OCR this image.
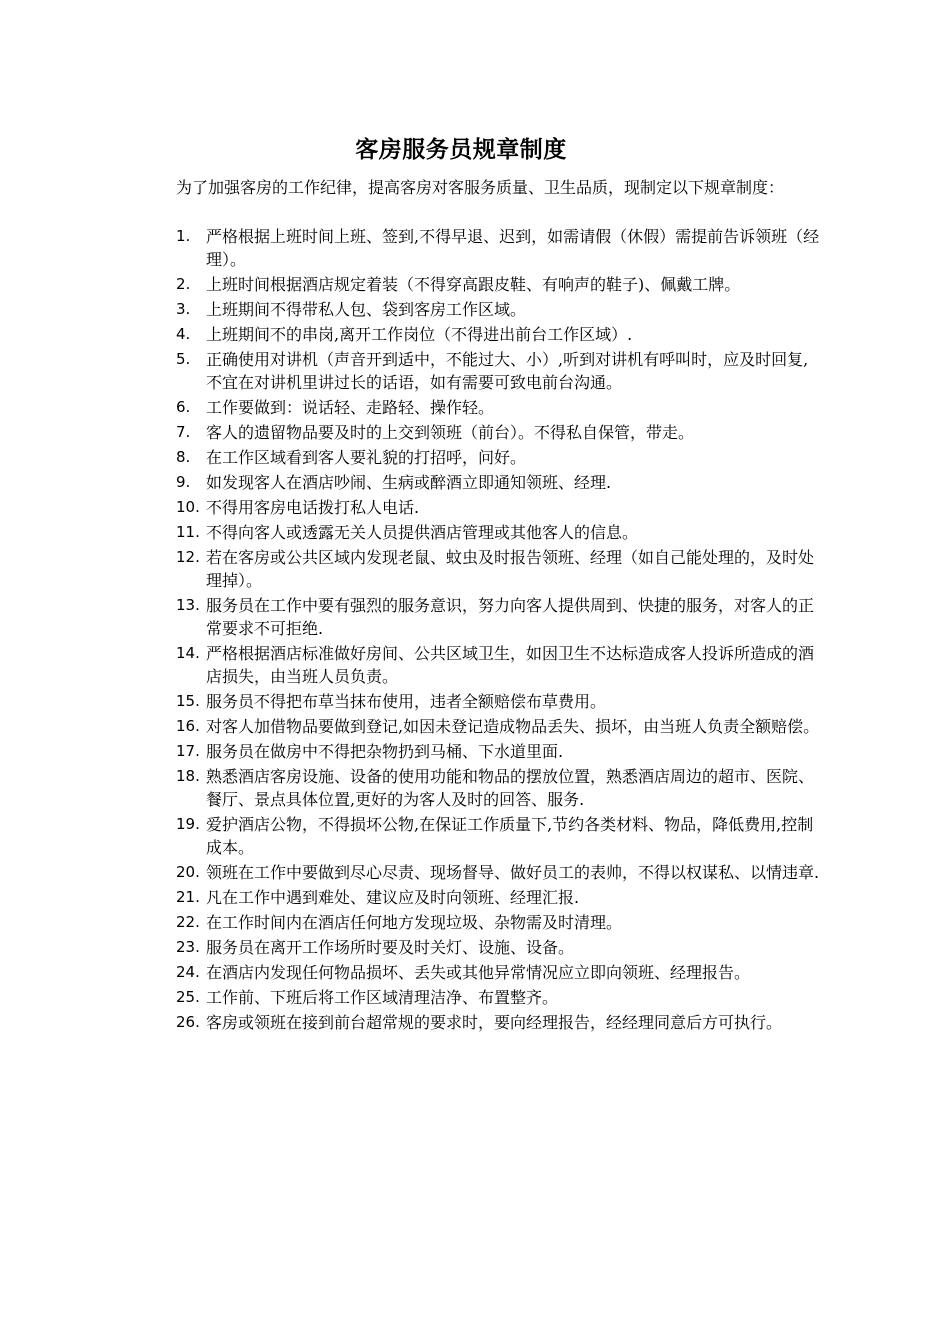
客房服务员规章制度

为了加强客房的工作纪律，提高客房对客服务质量、卫生品质，现制定以下规章制度：

1. 严格根据上班时间上班、签到,不得早退、迟到，如需请假（休假）需提前告诉领班（经理）。
2. 上班时间根据酒店规定着装（不得穿高跟皮鞋、有响声的鞋子)、佩戴工牌。
3. 上班期间不得带私人包、袋到客房工作区域。
4. 上班期间不的串岗,离开工作岗位（不得进出前台工作区域）.
5. 正确使用对讲机（声音开到适中，不能过大、小）,听到对讲机有呼叫时，应及时回复,不宜在对讲机里讲过长的话语，如有需要可致电前台沟通。
6. 工作要做到：说话轻、走路轻、操作轻。
7. 客人的遗留物品要及时的上交到领班（前台）。不得私自保管，带走。
8. 在工作区域看到客人要礼貌的打招呼，问好。
9. 如发现客人在酒店吵闹、生病或醉酒立即通知领班、经理.
10. 不得用客房电话拨打私人电话.
11. 不得向客人或透露无关人员提供酒店管理或其他客人的信息。
12. 若在客房或公共区域内发现老鼠、蚊虫及时报告领班、经理（如自己能处理的，及时处理掉）。
13. 服务员在工作中要有强烈的服务意识，努力向客人提供周到、快捷的服务，对客人的正常要求不可拒绝.
14. 严格根据酒店标准做好房间、公共区域卫生，如因卫生不达标造成客人投诉所造成的酒店损失，由当班人员负责。
15. 服务员不得把布草当抹布使用，违者全额赔偿布草费用。
16. 对客人加借物品要做到登记,如因未登记造成物品丢失、损坏，由当班人负责全额赔偿。
17. 服务员在做房中不得把杂物扔到马桶、下水道里面.
18. 熟悉酒店客房设施、设备的使用功能和物品的摆放位置，熟悉酒店周边的超市、医院、餐厅、景点具体位置,更好的为客人及时的回答、服务.
19. 爱护酒店公物，不得损坏公物,在保证工作质量下,节约各类材料、物品，降低费用,控制成本。
20. 领班在工作中要做到尽心尽责、现场督导、做好员工的表帅，不得以权谋私、以情违章.
21. 凡在工作中遇到难处、建议应及时向领班、经理汇报.
22. 在工作时间内在酒店任何地方发现垃圾、杂物需及时清理。
23. 服务员在离开工作场所时要及时关灯、设施、设备。
24. 在酒店内发现任何物品损坏、丢失或其他异常情况应立即向领班、经理报告。
25. 工作前、下班后将工作区域清理洁净、布置整齐。
26. 客房或领班在接到前台超常规的要求时，要向经理报告，经经理同意后方可执行。
